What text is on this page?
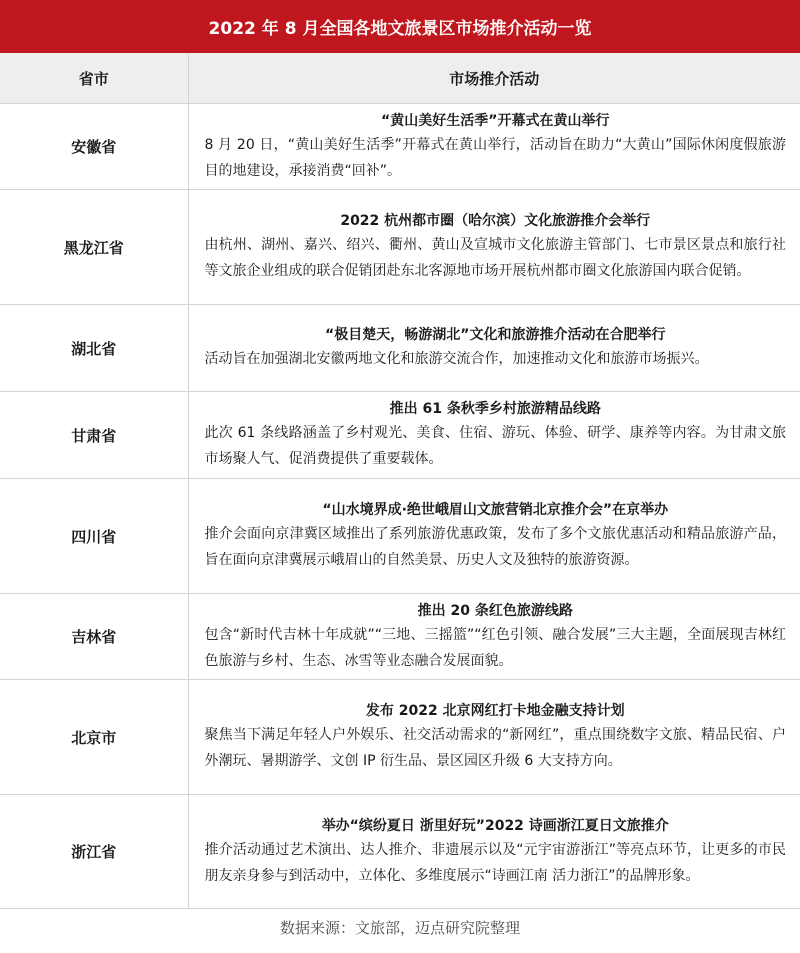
2022 年 8 月全国各地文旅景区市场推介活动一览
省市	市场推介活动
安徽省	“黄山美好生活季”开幕式在黄山举行
8 月 20 日，“黄山美好生活季”开幕式在黄山举行，活动旨在助力“大黄山”国际休闲度假旅游目的地建设，承接消费“回补”。

黑龙江省	2022 杭州都市圈（哈尔滨）文化旅游推介会举行
由杭州、湖州、嘉兴、绍兴、衢州、黄山及宣城市文化旅游主管部门、七市景区景点和旅行社等文旅企业组成的联合促销团赴东北客源地市场开展杭州都市圈文化旅游国内联合促销。

湖北省	“极目楚天，畅游湖北”文化和旅游推介活动在合肥举行
活动旨在加强湖北安徽两地文化和旅游交流合作，加速推动文化和旅游市场振兴。

甘肃省	推出 61 条秋季乡村旅游精品线路
此次 61 条线路涵盖了乡村观光、美食、住宿、游玩、体验、研学、康养等内容。为甘肃文旅市场聚人气、促消费提供了重要载体。

四川省	“山水境界成·绝世峨眉山文旅营销北京推介会”在京举办
推介会面向京津冀区域推出了系列旅游优惠政策，发布了多个文旅优惠活动和精品旅游产品，旨在面向京津冀展示峨眉山的自然美景、历史人文及独特的旅游资源。

吉林省	推出 20 条红色旅游线路
包含“新时代吉林十年成就”“三地、三摇篮”“红色引领、融合发展”三大主题，全面展现吉林红色旅游与乡村、生态、冰雪等业态融合发展面貌。

北京市	发布 2022 北京网红打卡地金融支持计划
聚焦当下满足年轻人户外娱乐、社交活动需求的“新网红”，重点围绕数字文旅、精品民宿、户外潮玩、暑期游学、文创 IP 衍生品、景区园区升级 6 大支持方向。

浙江省	举办“缤纷夏日 浙里好玩”2022 诗画浙江夏日文旅推介
推介活动通过艺术演出、达人推介、非遗展示以及“元宇宙游浙江”等亮点环节，让更多的市民朋友亲身参与到活动中，立体化、多维度展示“诗画江南 活力浙江”的品牌形象。
数据来源：文旅部，迈点研究院整理
